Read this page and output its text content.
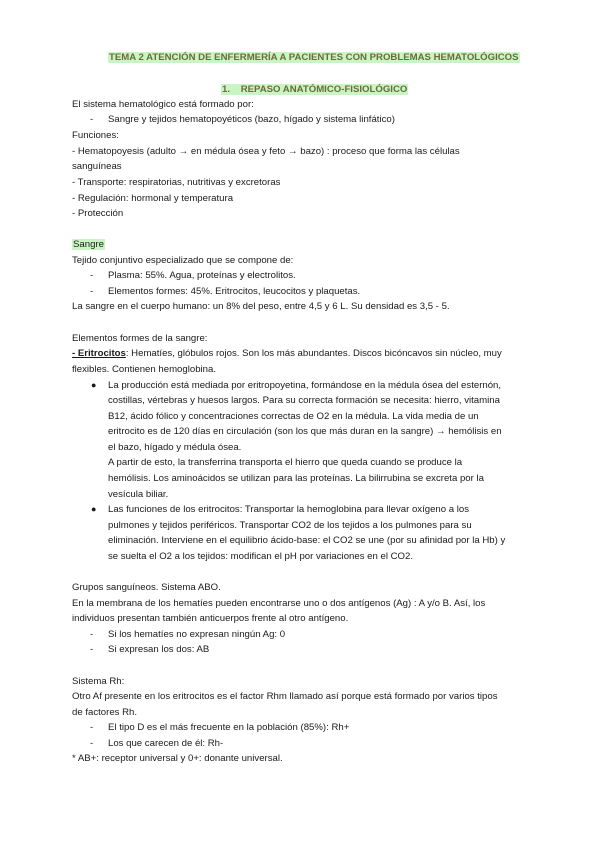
TEMA 2 ATENCIÓN DE ENFERMERÍA A PACIENTES CON PROBLEMAS HEMATOLÓGICOS
1. REPASO ANATÓMICO-FISIOLÓGICO
El sistema hematológico está formado por:
- Sangre y tejidos hematopoyéticos (bazo, hígado y sistema linfático)
Funciones:
- Hematopoyesis (adulto → en médula ósea y feto → bazo) : proceso que forma las células
sanguíneas
- Transporte: respiratorias, nutritivas y excretoras
- Regulación: hormonal y temperatura
- Protección
Sangre
Tejido conjuntivo especializado que se compone de:
- Plasma: 55%. Agua, proteínas y electrolitos.
- Elementos formes: 45%. Eritrocitos, leucocitos y plaquetas.
La sangre en el cuerpo humano: un 8% del peso, entre 4,5 y 6 L. Su densidad es 3,5 - 5.
Elementos formes de la sangre:
- Eritrocitos: Hematíes, glóbulos rojos. Son los más abundantes. Discos bicóncavos sin núcleo, muy
flexibles. Contienen hemoglobina.
● La producción está mediada por eritropoyetina, formándose en la médula ósea del esternón,
costillas, vértebras y huesos largos. Para su correcta formación se necesita: hierro, vitamina
B12, ácido fólico y concentraciones correctas de O2 en la médula. La vida media de un
eritrocito es de 120 días en circulación (son los que más duran en la sangre) → hemólisis en
el bazo, hígado y médula ósea.
A partir de esto, la transferrina transporta el hierro que queda cuando se produce la
hemólisis. Los aminoácidos se utilizan para las proteínas. La bilirrubina se excreta por la
vesícula biliar.
● Las funciones de los eritrocitos: Transportar la hemoglobina para llevar oxígeno a los
pulmones y tejidos periféricos. Transportar CO2 de los tejidos a los pulmones para su
eliminación. Interviene en el equilibrio ácido-base: el CO2 se une (por su afinidad por la Hb) y
se suelta el O2 a los tejidos: modifican el pH por variaciones en el CO2.
Grupos sanguíneos. Sistema ABO.
En la membrana de los hematíes pueden encontrarse uno o dos antígenos (Ag) : A y/o B. Así, los
individuos presentan también anticuerpos frente al otro antígeno.
- Si los hematíes no expresan ningún Ag: 0
- Si expresan los dos: AB
Sistema Rh:
Otro Af presente en los eritrocitos es el factor Rhm llamado así porque está formado por varios tipos
de factores Rh.
- El tipo D es el más frecuente en la población (85%): Rh+
- Los que carecen de él: Rh-
* AB+: receptor universal y 0+: donante universal.
